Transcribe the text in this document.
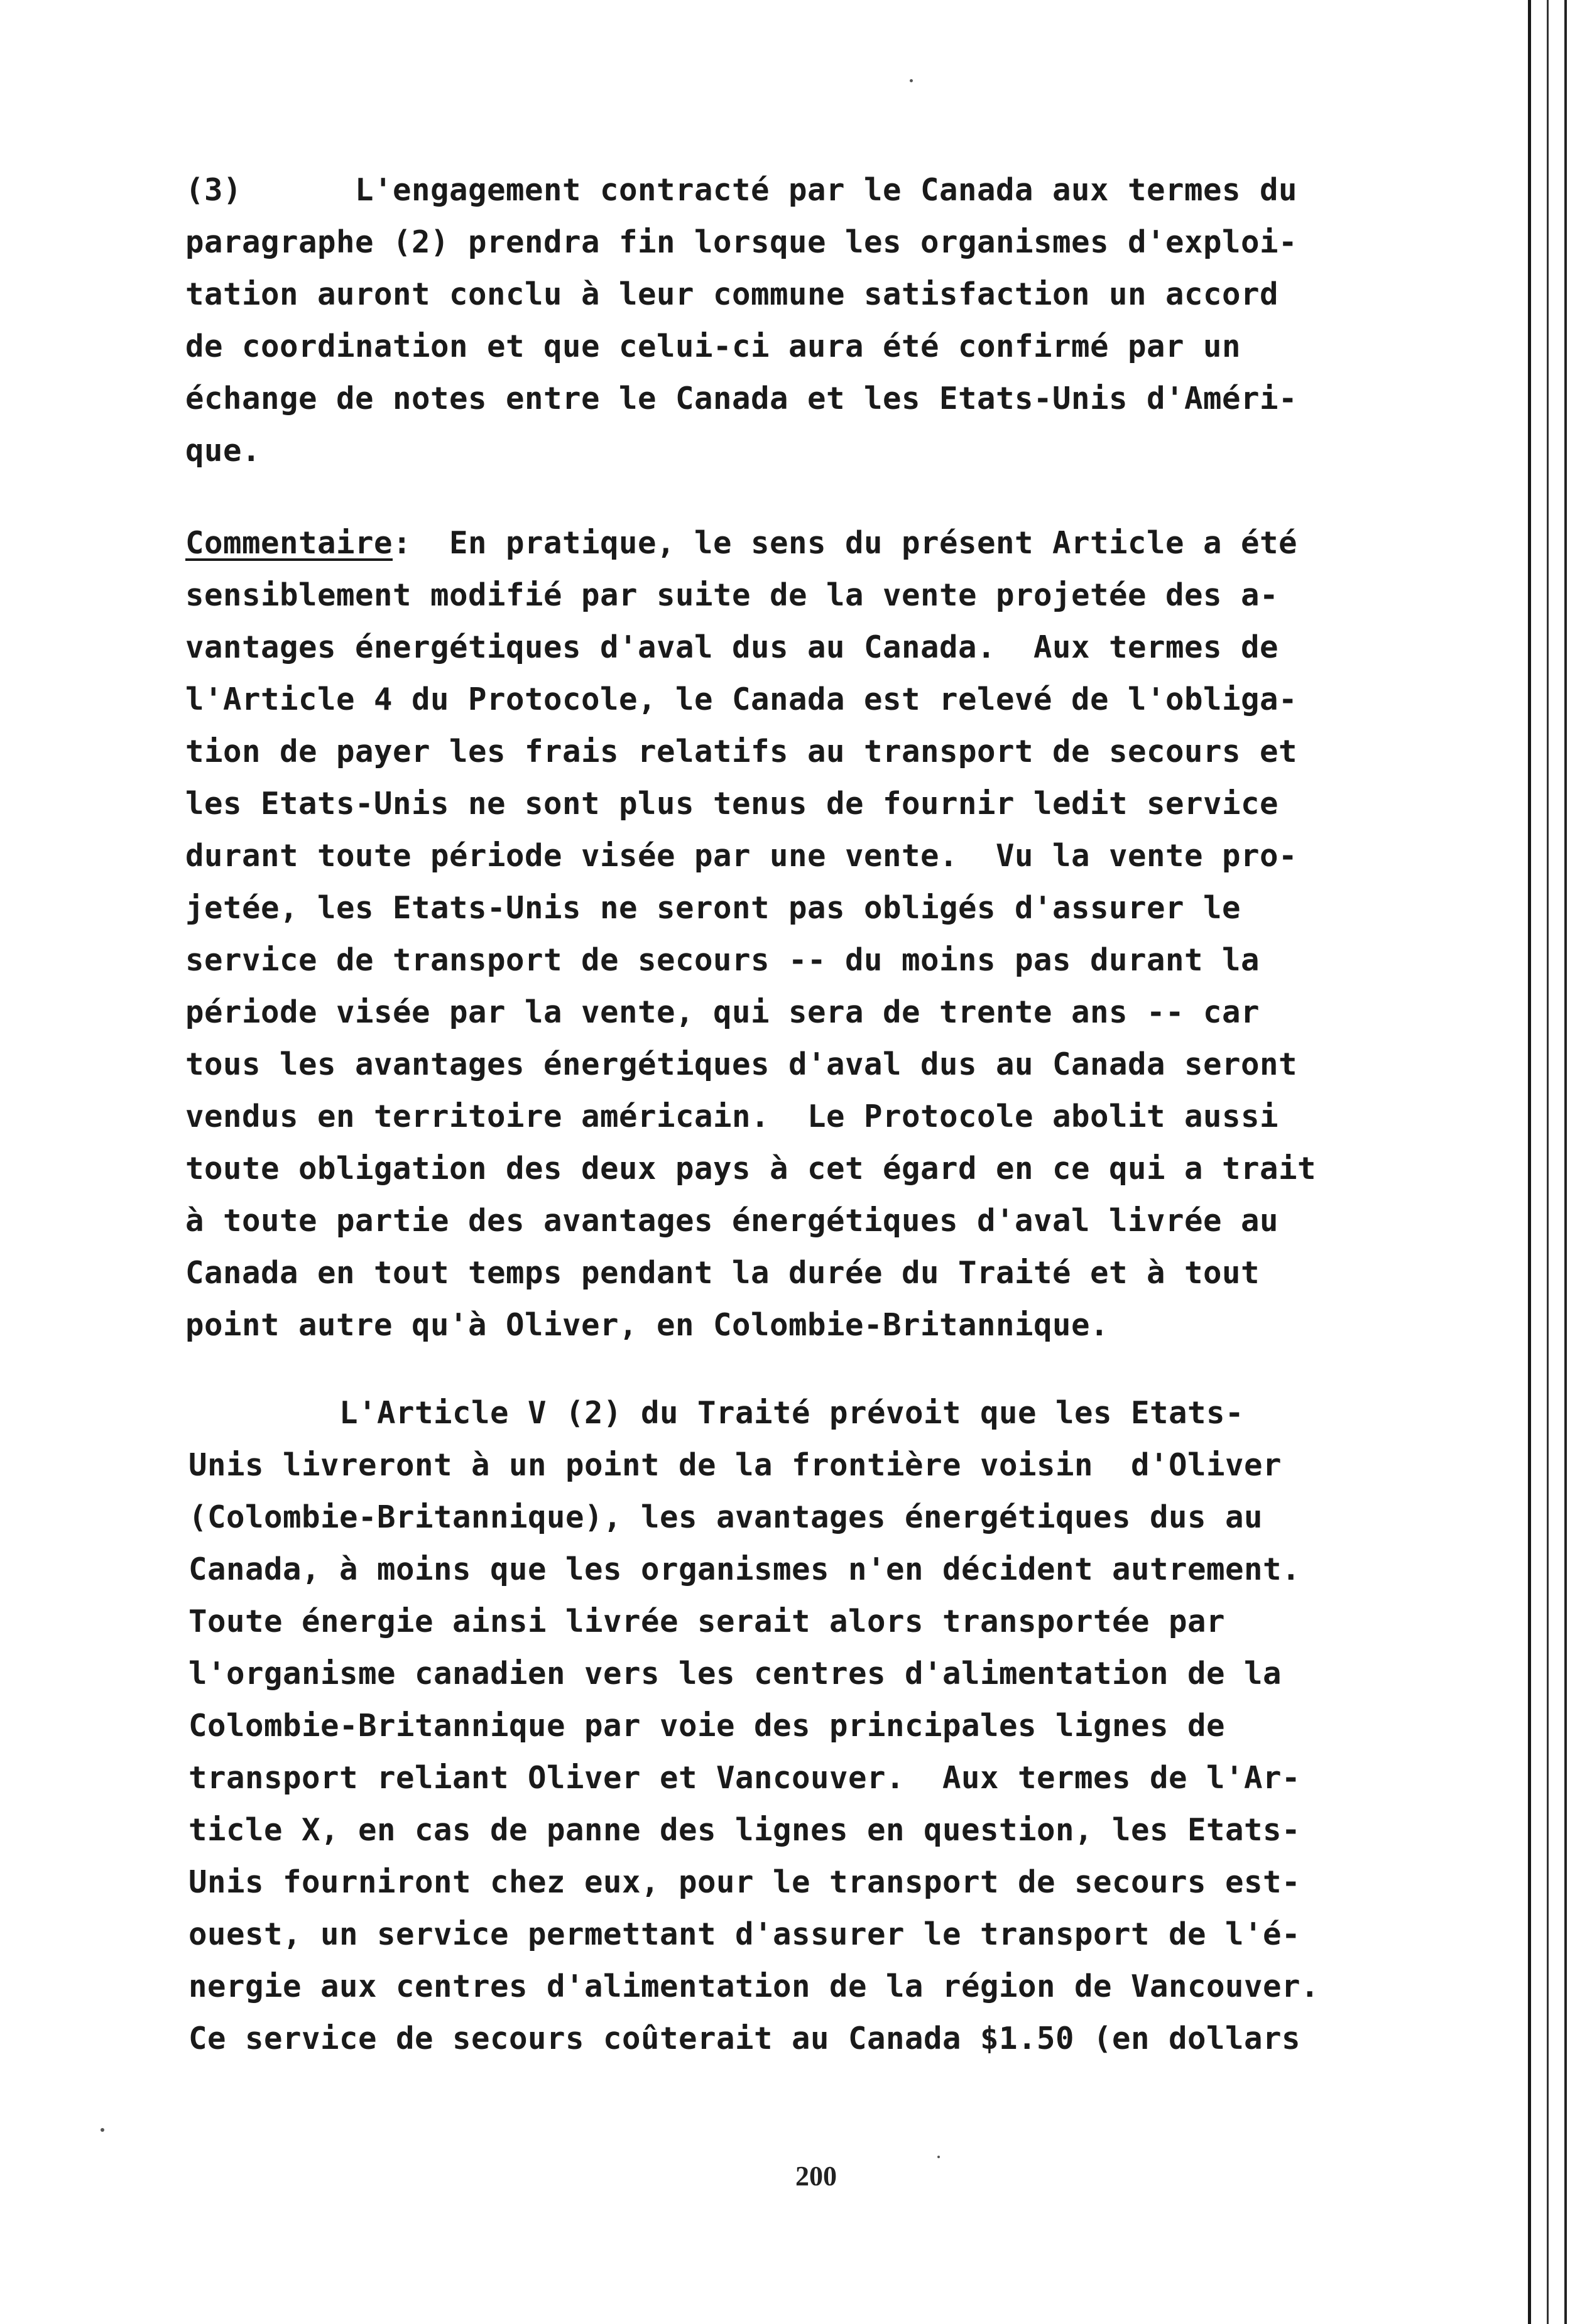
(3)      L'engagement contracté par le Canada aux termes du
paragraphe (2) prendra fin lorsque les organismes d'exploi-
tation auront conclu à leur commune satisfaction un accord
de coordination et que celui-ci aura été confirmé par un
échange de notes entre le Canada et les Etats-Unis d'Améri-
que.
Commentaire:  En pratique, le sens du présent Article a été
sensiblement modifié par suite de la vente projetée des a-
vantages énergétiques d'aval dus au Canada.  Aux termes de
l'Article 4 du Protocole, le Canada est relevé de l'obliga-
tion de payer les frais relatifs au transport de secours et
les Etats-Unis ne sont plus tenus de fournir ledit service
durant toute période visée par une vente.  Vu la vente pro-
jetée, les Etats-Unis ne seront pas obligés d'assurer le
service de transport de secours -- du moins pas durant la
période visée par la vente, qui sera de trente ans -- car
tous les avantages énergétiques d'aval dus au Canada seront
vendus en territoire américain.  Le Protocole abolit aussi
toute obligation des deux pays à cet égard en ce qui a trait
à toute partie des avantages énergétiques d'aval livrée au
Canada en tout temps pendant la durée du Traité et à tout
point autre qu'à Oliver, en Colombie-Britannique.
L'Article V (2) du Traité prévoit que les Etats-
Unis livreront à un point de la frontière voisin  d'Oliver
(Colombie-Britannique), les avantages énergétiques dus au
Canada, à moins que les organismes n'en décident autrement.
Toute énergie ainsi livrée serait alors transportée par
l'organisme canadien vers les centres d'alimentation de la
Colombie-Britannique par voie des principales lignes de
transport reliant Oliver et Vancouver.  Aux termes de l'Ar-
ticle X, en cas de panne des lignes en question, les Etats-
Unis fourniront chez eux, pour le transport de secours est-
ouest, un service permettant d'assurer le transport de l'é-
nergie aux centres d'alimentation de la région de Vancouver.
Ce service de secours coûterait au Canada $1.50 (en dollars
200
